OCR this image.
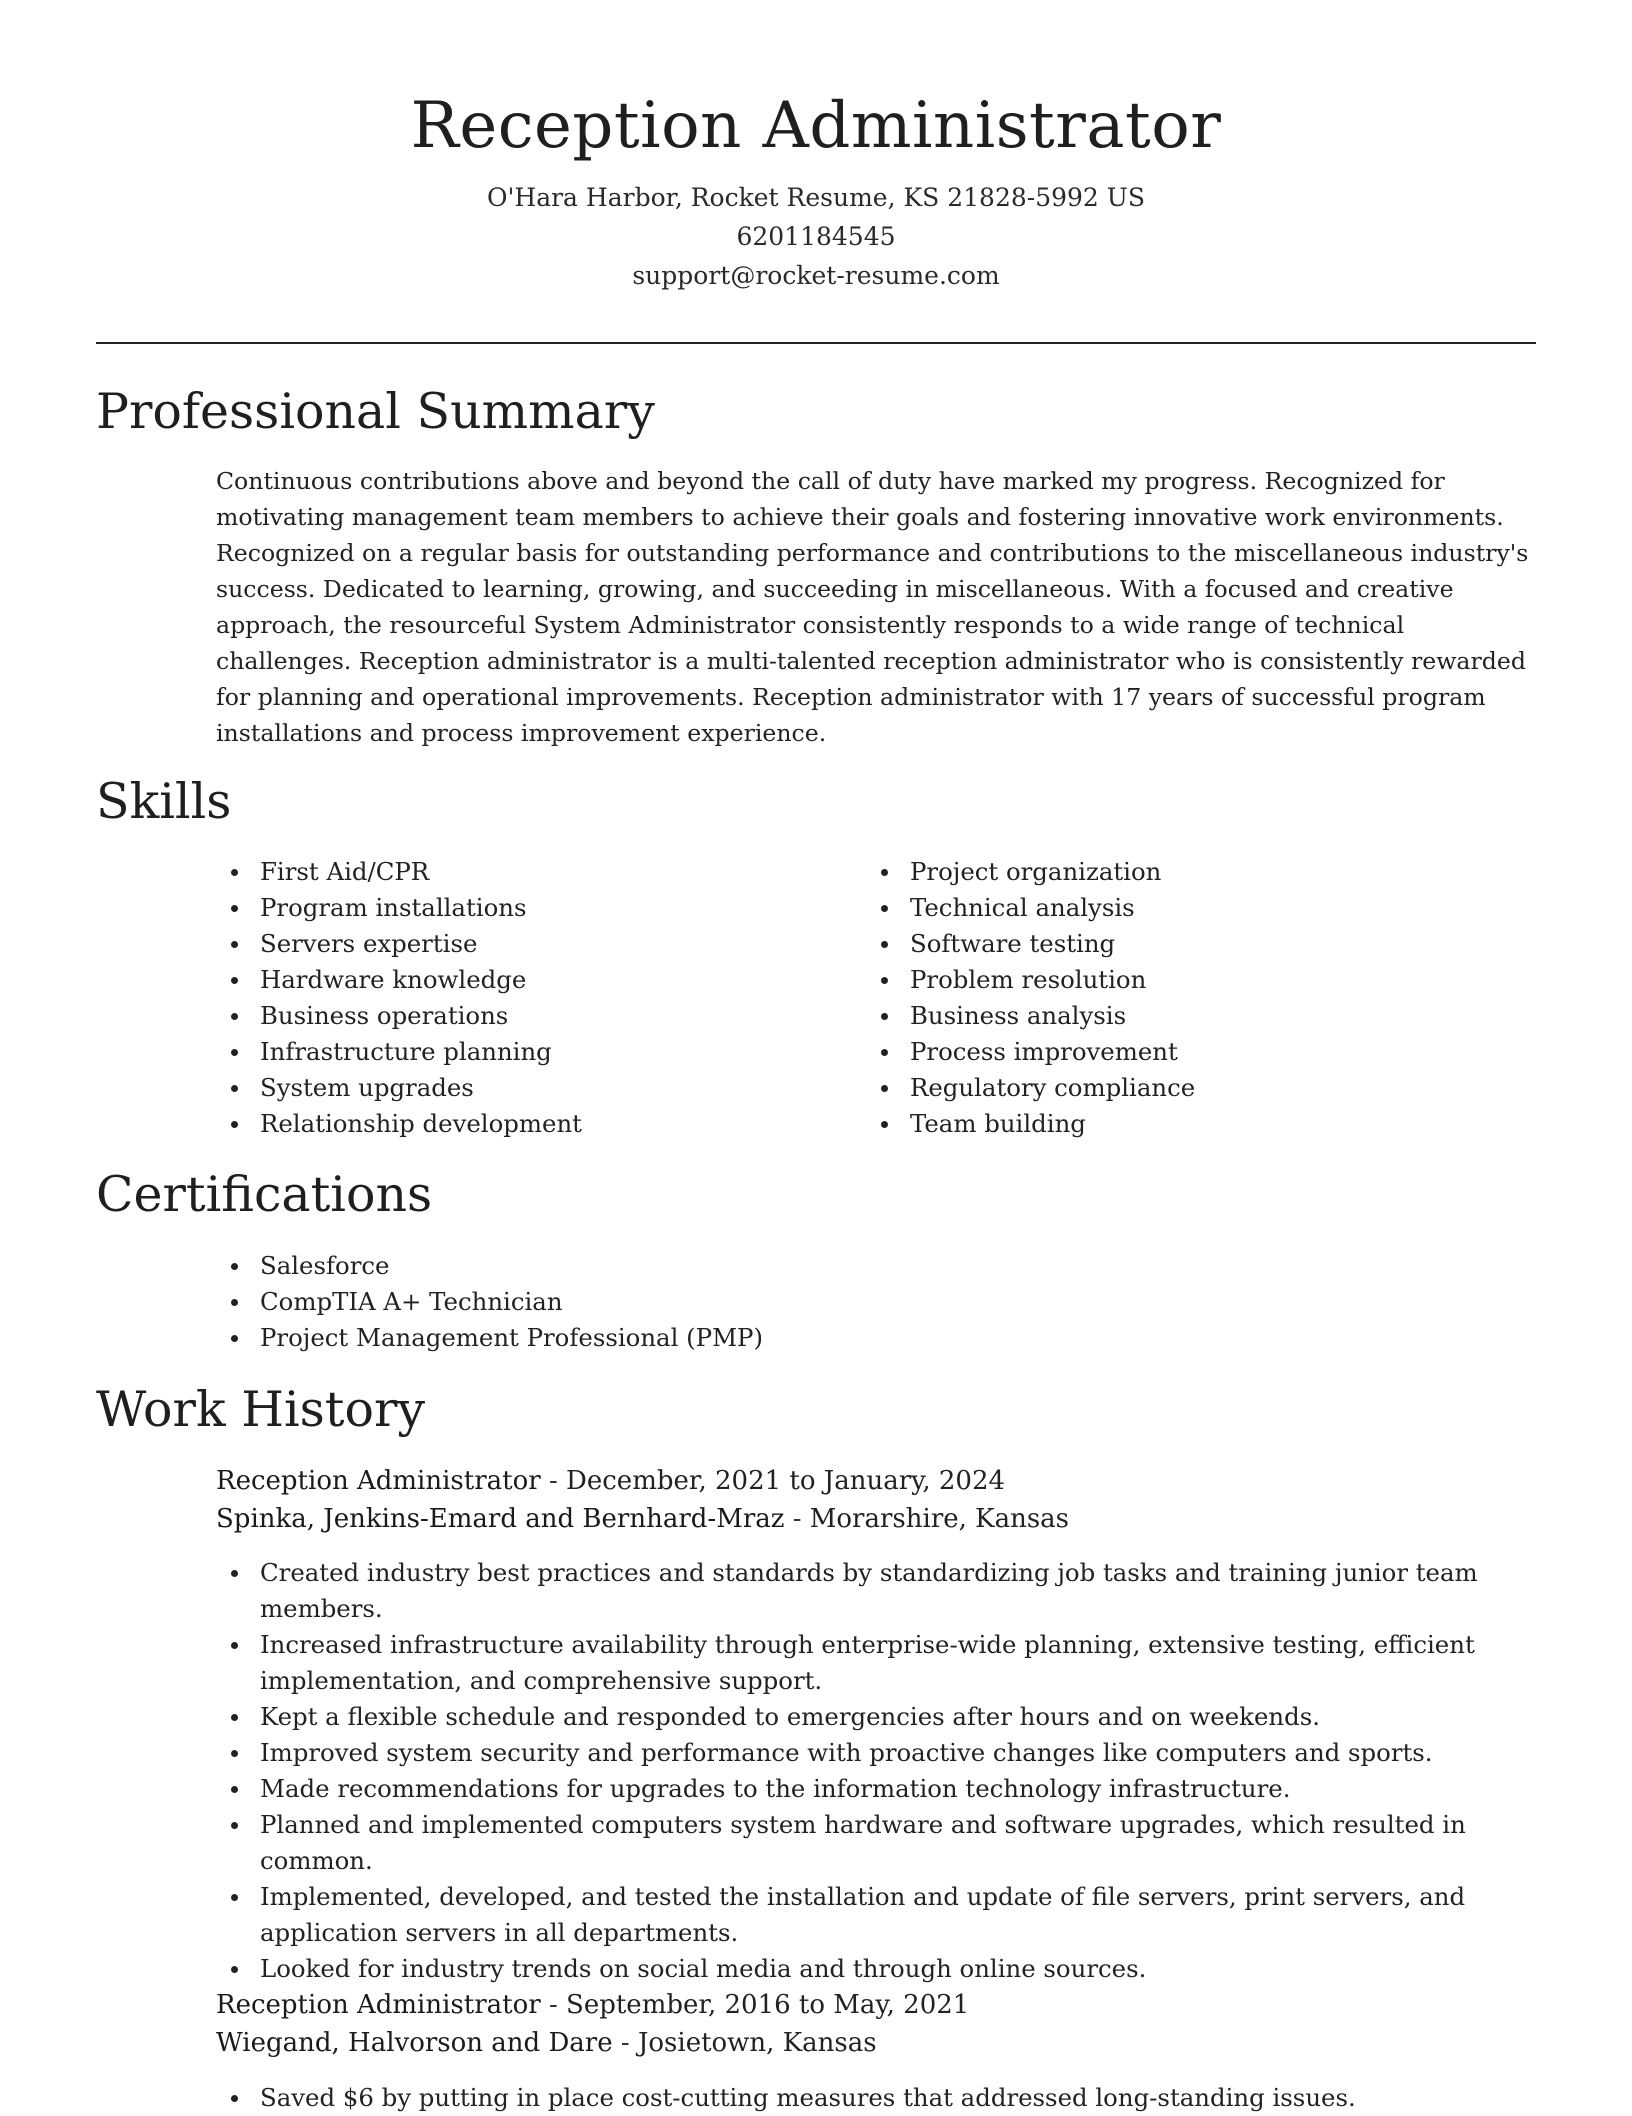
Reception Administrator
O'Hara Harbor, Rocket Resume, KS 21828-5992 US
6201184545
support@rocket-resume.com
Professional Summary

Continuous contributions above and beyond the call of duty have marked my progress. Recognized for motivating management team members to achieve their goals and fostering innovative work environments. Recognized on a regular basis for outstanding performance and contributions to the miscellaneous industry's success. Dedicated to learning, growing, and succeeding in miscellaneous. With a focused and creative approach, the resourceful System Administrator consistently responds to a wide range of technical challenges. Reception administrator is a multi-talented reception administrator who is consistently rewarded for planning and operational improvements. Reception administrator with 17 years of successful program installations and process improvement experience.

Skills
First Aid/CPR
Program installations
Servers expertise
Hardware knowledge
Business operations
Infrastructure planning
System upgrades
Relationship development
Project organization
Technical analysis
Software testing
Problem resolution
Business analysis
Process improvement
Regulatory compliance
Team building
Certifications
Salesforce
CompTIA A+ Technician
Project Management Professional (PMP)
Work History
Reception Administrator - December, 2021 to January, 2024
Spinka, Jenkins-Emard and Bernhard-Mraz - Morarshire, Kansas
Created industry best practices and standards by standardizing job tasks and training junior team members.
Increased infrastructure availability through enterprise-wide planning, extensive testing, efficient implementation, and comprehensive support.
Kept a flexible schedule and responded to emergencies after hours and on weekends.
Improved system security and performance with proactive changes like computers and sports.
Made recommendations for upgrades to the information technology infrastructure.
Planned and implemented computers system hardware and software upgrades, which resulted in common.
Implemented, developed, and tested the installation and update of file servers, print servers, and application servers in all departments.
Looked for industry trends on social media and through online sources.
Reception Administrator - September, 2016 to May, 2021
Wiegand, Halvorson and Dare - Josietown, Kansas
Saved $6 by putting in place cost-cutting measures that addressed long-standing issues.
